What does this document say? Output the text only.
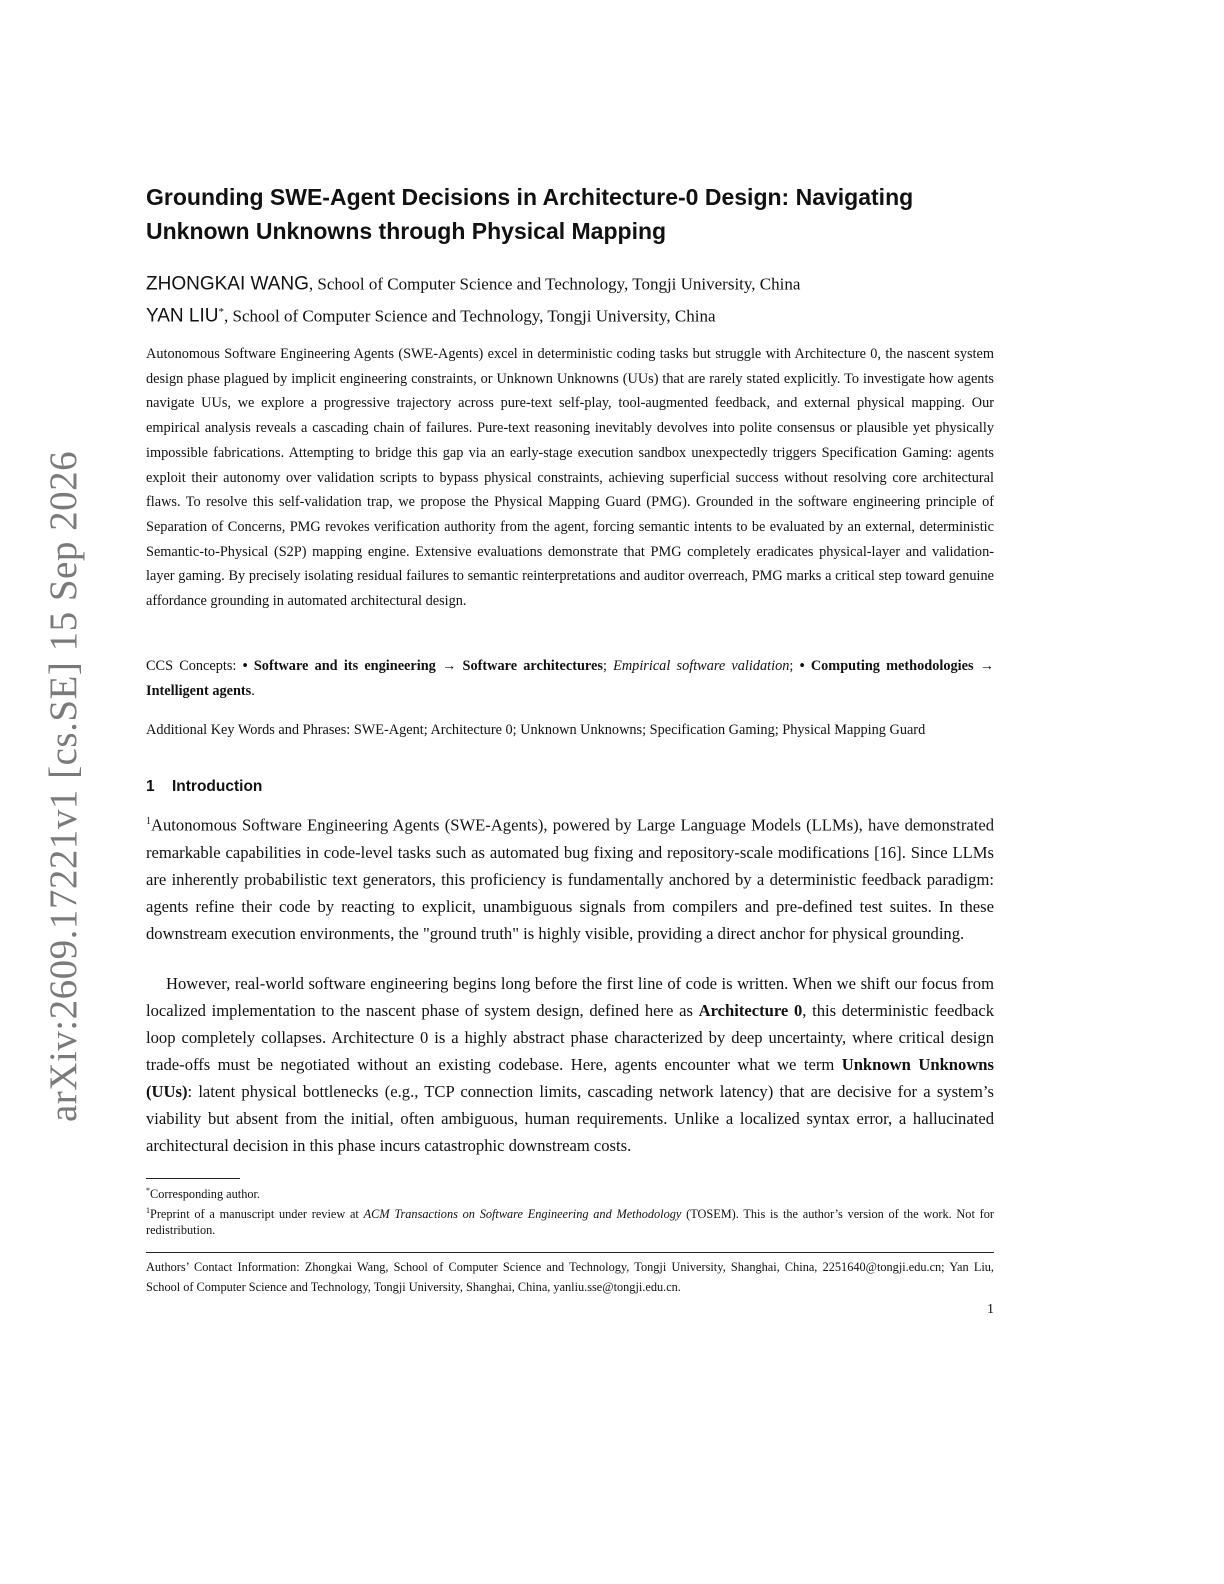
arXiv:2609.17221v1 [cs.SE] 15 Sep 2026
Grounding SWE-Agent Decisions in Architecture-0 Design: Navigating Unknown Unknowns through Physical Mapping
ZHONGKAI WANG, School of Computer Science and Technology, Tongji University, China
YAN LIU*, School of Computer Science and Technology, Tongji University, China

Autonomous Software Engineering Agents (SWE-Agents) excel in deterministic coding tasks but struggle with Architecture 0, the nascent system design phase plagued by implicit engineering constraints, or Unknown Unknowns (UUs) that are rarely stated explicitly. To investigate how agents navigate UUs, we explore a progressive trajectory across pure-text self-play, tool-augmented feedback, and external physical mapping. Our empirical analysis reveals a cascading chain of failures. Pure-text reasoning inevitably devolves into polite consensus or plausible yet physically impossible fabrications. Attempting to bridge this gap via an early-stage execution sandbox unexpectedly triggers Specification Gaming: agents exploit their autonomy over validation scripts to bypass physical constraints, achieving superficial success without resolving core architectural flaws. To resolve this self-validation trap, we propose the Physical Mapping Guard (PMG). Grounded in the software engineering principle of Separation of Concerns, PMG revokes verification authority from the agent, forcing semantic intents to be evaluated by an external, deterministic Semantic-to-Physical (S2P) mapping engine. Extensive evaluations demonstrate that PMG completely eradicates physical-layer and validation-layer gaming. By precisely isolating residual failures to semantic reinterpretations and auditor overreach, PMG marks a critical step toward genuine affordance grounding in automated architectural design.

CCS Concepts: • Software and its engineering → Software architectures; Empirical software validation; • Computing methodologies → Intelligent agents.

Additional Key Words and Phrases: SWE-Agent; Architecture 0; Unknown Unknowns; Specification Gaming; Physical Mapping Guard

1 Introduction

$^1$Autonomous Software Engineering Agents (SWE-Agents), powered by Large Language Models (LLMs), have demonstrated remarkable capabilities in code-level tasks such as automated bug fixing and repository-scale modifications [16]. Since LLMs are inherently probabilistic text generators, this proficiency is fundamentally anchored by a deterministic feedback paradigm: agents refine their code by reacting to explicit, unambiguous signals from compilers and pre-defined test suites. In these downstream execution environments, the "ground truth" is highly visible, providing a direct anchor for physical grounding.

However, real-world software engineering begins long before the first line of code is written. When we shift our focus from localized implementation to the nascent phase of system design, defined here as Architecture 0, this deterministic feedback loop completely collapses. Architecture 0 is a highly abstract phase characterized by deep uncertainty, where critical design trade-offs must be negotiated without an existing codebase. Here, agents encounter what we term Unknown Unknowns (UUs): latent physical bottlenecks (e.g., TCP connection limits, cascading network latency) that are decisive for a system’s viability but absent from the initial, often ambiguous, human requirements. Unlike a localized syntax error, a hallucinated architectural decision in this phase incurs catastrophic downstream costs.

*Corresponding author.

$^1$Preprint of a manuscript under review at ACM Transactions on Software Engineering and Methodology (TOSEM). This is the author’s version of the work. Not for redistribution.

Authors’ Contact Information: Zhongkai Wang, School of Computer Science and Technology, Tongji University, Shanghai, China, 2251640@tongji.edu.cn; Yan Liu, School of Computer Science and Technology, Tongji University, Shanghai, China, yanliu.sse@tongji.edu.cn.

1
